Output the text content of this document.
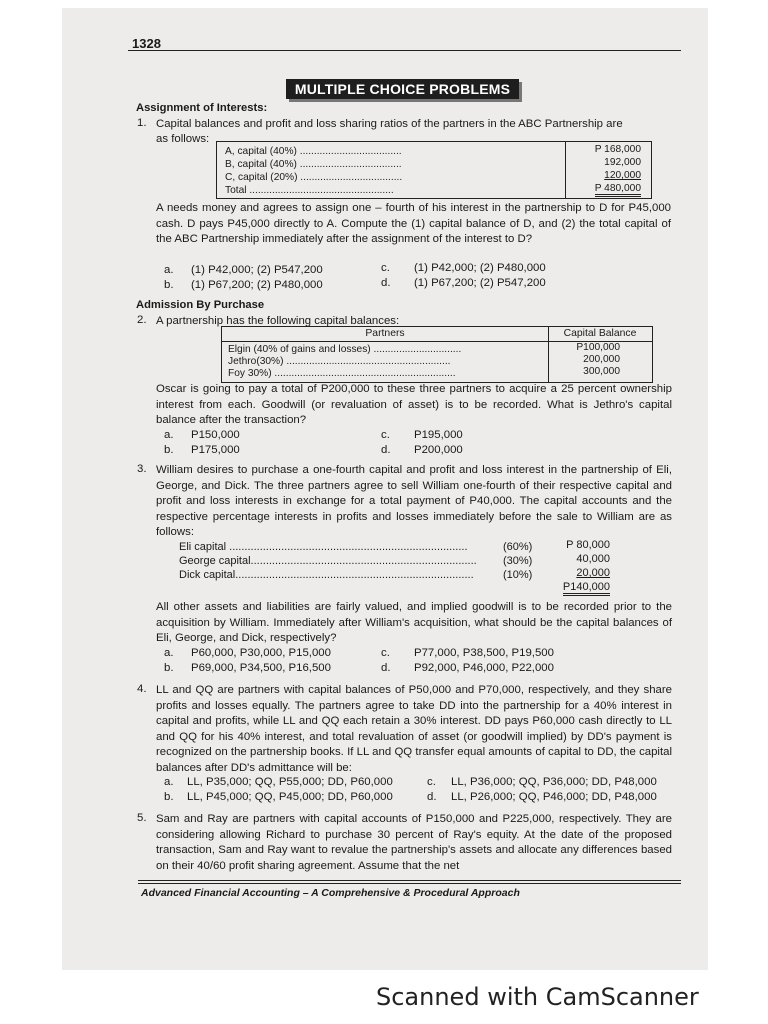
1328
MULTIPLE CHOICE PROBLEMS
Assignment of Interests:
1. Capital balances and profit and loss sharing ratios of the partners in the ABC Partnership are
as follows:
A, capital (40%) ....................................	P 168,000
B, capital (40%) ....................................	192,000
C, capital (20%) ....................................	120,000
Total ...................................................	P 480,000
A needs money and agrees to assign one – fourth of his interest in the partnership to D for P45,000 cash. D pays P45,000 directly to A. Compute the (1) capital balance of D, and (2) the total capital of the ABC Partnership immediately after the assignment of the interest to D?
a. (1) P42,000; (2) P547,200	c. (1) P42,000; (2) P480,000
b. (1) P67,200; (2) P480,000	d. (1) P67,200; (2) P547,200
Admission By Purchase
2. A partnership has the following capital balances:
Partners	Capital Balance
Elgin (40% of gains and losses) ...............................	P100,000
Jethro(30%) ..........................................................	200,000
Foy 30%) ................................................................	300,000
Oscar is going to pay a total of P200,000 to these three partners to acquire a 25 percent ownership interest from each. Goodwill (or revaluation of asset) is to be recorded. What is Jethro's capital balance after the transaction?
a. P150,000	c. P195,000
b. P175,000	d. P200,000
3. William desires to purchase a one-fourth capital and profit and loss interest in the partnership of Eli, George, and Dick. The three partners agree to sell William one-fourth of their respective capital and profit and loss interests in exchange for a total payment of P40,000. The capital accounts and the respective percentage interests in profits and losses immediately before the sale to William are as follows:
Eli capital ..............................................................................	(60%)	P 80,000
George capital..........................................................................	(30%)	40,000
Dick capital..............................................................................	(10%)	20,000
P140,000
All other assets and liabilities are fairly valued, and implied goodwill is to be recorded prior to the acquisition by William. Immediately after William's acquisition, what should be the capital balances of Eli, George, and Dick, respectively?
a. P60,000, P30,000, P15,000	c. P77,000, P38,500, P19,500
b. P69,000, P34,500, P16,500	d. P92,000, P46,000, P22,000
4. LL and QQ are partners with capital balances of P50,000 and P70,000, respectively, and they share profits and losses equally. The partners agree to take DD into the partnership for a 40% interest in capital and profits, while LL and QQ each retain a 30% interest. DD pays P60,000 cash directly to LL and QQ for his 40% interest, and total revaluation of asset (or goodwill implied) by DD's payment is recognized on the partnership books. If LL and QQ transfer equal amounts of capital to DD, the capital balances after DD's admittance will be:
a. LL, P35,000; QQ, P55,000; DD, P60,000	c. LL, P36,000; QQ, P36,000; DD, P48,000
b. LL, P45,000; QQ, P45,000; DD, P60,000	d. LL, P26,000; QQ, P46,000; DD, P48,000
5. Sam and Ray are partners with capital accounts of P150,000 and P225,000, respectively. They are considering allowing Richard to purchase 30 percent of Ray's equity. At the date of the proposed transaction, Sam and Ray want to revalue the partnership's assets and allocate any differences based on their 40/60 profit sharing agreement. Assume that the net
Advanced Financial Accounting – A Comprehensive & Procedural Approach
Scanned with CamScanner
